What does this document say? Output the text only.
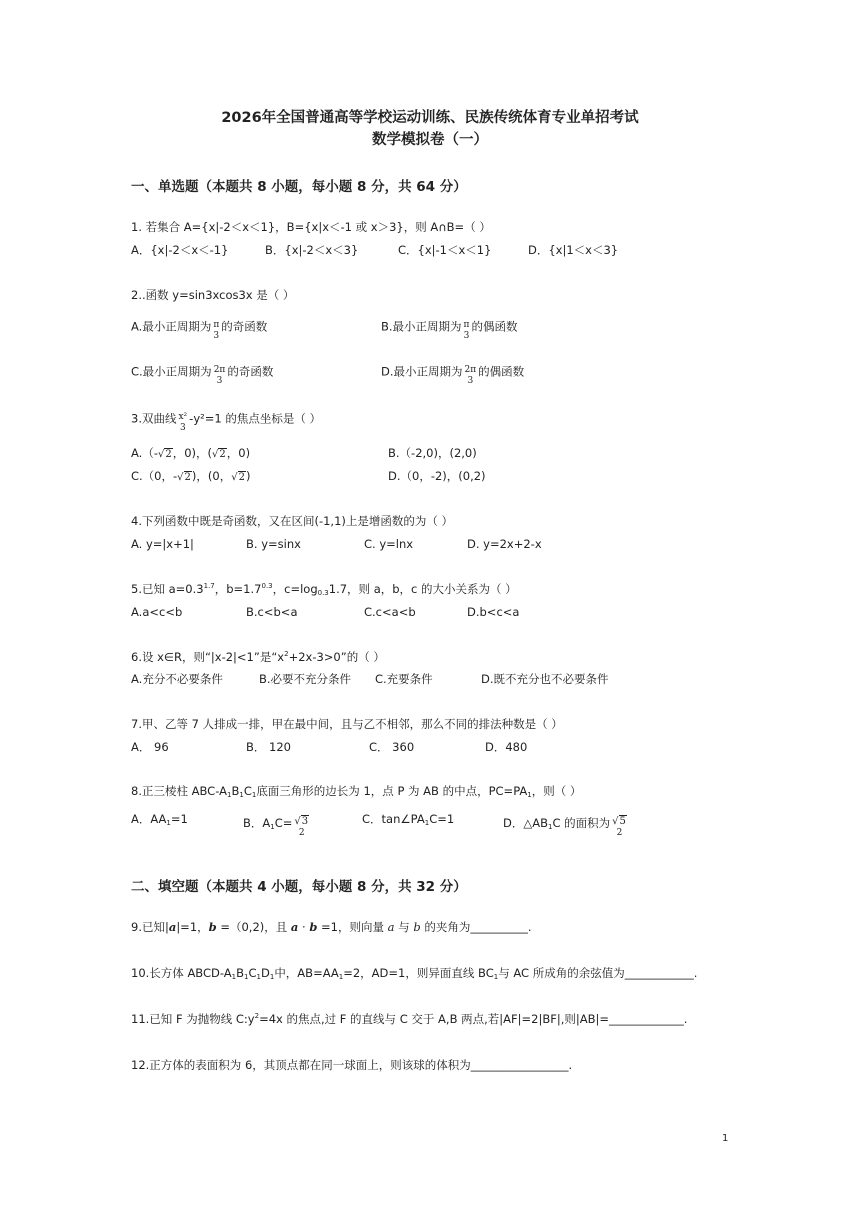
2026年全国普通高等学校运动训练、民族传统体育专业单招考试
数学模拟卷（一）
一、单选题（本题共 8 小题，每小题 8 分，共 64 分）
1. 若集合 A={x|-2＜x＜1}，B={x|x＜-1 或 x＞3}，则 A∩B=（ ）
A．{x|-2＜x＜-1}	B．{x|-2＜x＜3}	C．{x|-1＜x＜1}	D．{x|1＜x＜3}
2..函数 y=sin3xcos3x 是（ ）
A.最小正周期为 π
3
的奇函数	B.最小正周期为 π
3
的偶函数
C.最小正周期为 2π
3
的奇函数	D.最小正周期为 2π
3
的偶函数
3.双曲线 x²
3
-y²=1 的焦点坐标是（ ）
A.（-√2，0)，(√2，0)	B.（-2,0)，(2,0)
C.（0，-√2)，(0，√2)	D.（0，-2)，(0,2)
4.下列函数中既是奇函数，又在区间(-1,1)上是增函数的为（ ）
A. y=|x+1|	B. y=sinx	C. y=lnx	D. y=2x+2-x
5.已知 $a=0.3^{1.7}$，$b=1.7^{0.3}$，$c=\log_{0.3}1.7$，则 a，b，c 的大小关系为（ ）
A.a<c<b	B.c<b<a	C.c<a<b	D.b<c<a
6.设 x∈R，则“|x-2|<1”是“$x^2+2x-3>0$”的（ ）
A.充分不必要条件	B.必要不充分条件 C.充要条件	D.既不充分也不必要条件
7.甲、乙等 7 人排成一排，甲在最中间，且与乙不相邻，那么不同的排法种数是（ ）
A． 96	B． 120	C． 360	D．480
8.正三棱柱 ABC-$A_1B_1C_1$底面三角形的边长为 1，点 P 为 AB 的中点，$PC=PA_1$，则（ ）
A．$AA_1=1$	B．$A_1C= √3$
2
C．$\tan\angle PA_1C=1$	D．$\triangle AB_1C$ 的面积为 √5
2
二、填空题（本题共 4 小题，每小题 8 分，共 32 分）
9.已知|a|=1，b =（0,2)，且 a · b =1，则向量 a 与 b 的夹角为__________.
10.长方体 ABCD-$A_1B_1C_1D_1$中，$AB=AA_1=2$，AD=1，则异面直线 $BC_1$与 AC 所成角的余弦值为____________.
11.已知 F 为抛物线 $C:y^2=4x$ 的焦点,过 F 的直线与 C 交于 A,B 两点,若|AF|=2|BF|,则|AB|=_____________.
12.正方体的表面积为 6，其顶点都在同一球面上，则该球的体积为_________________.
1
